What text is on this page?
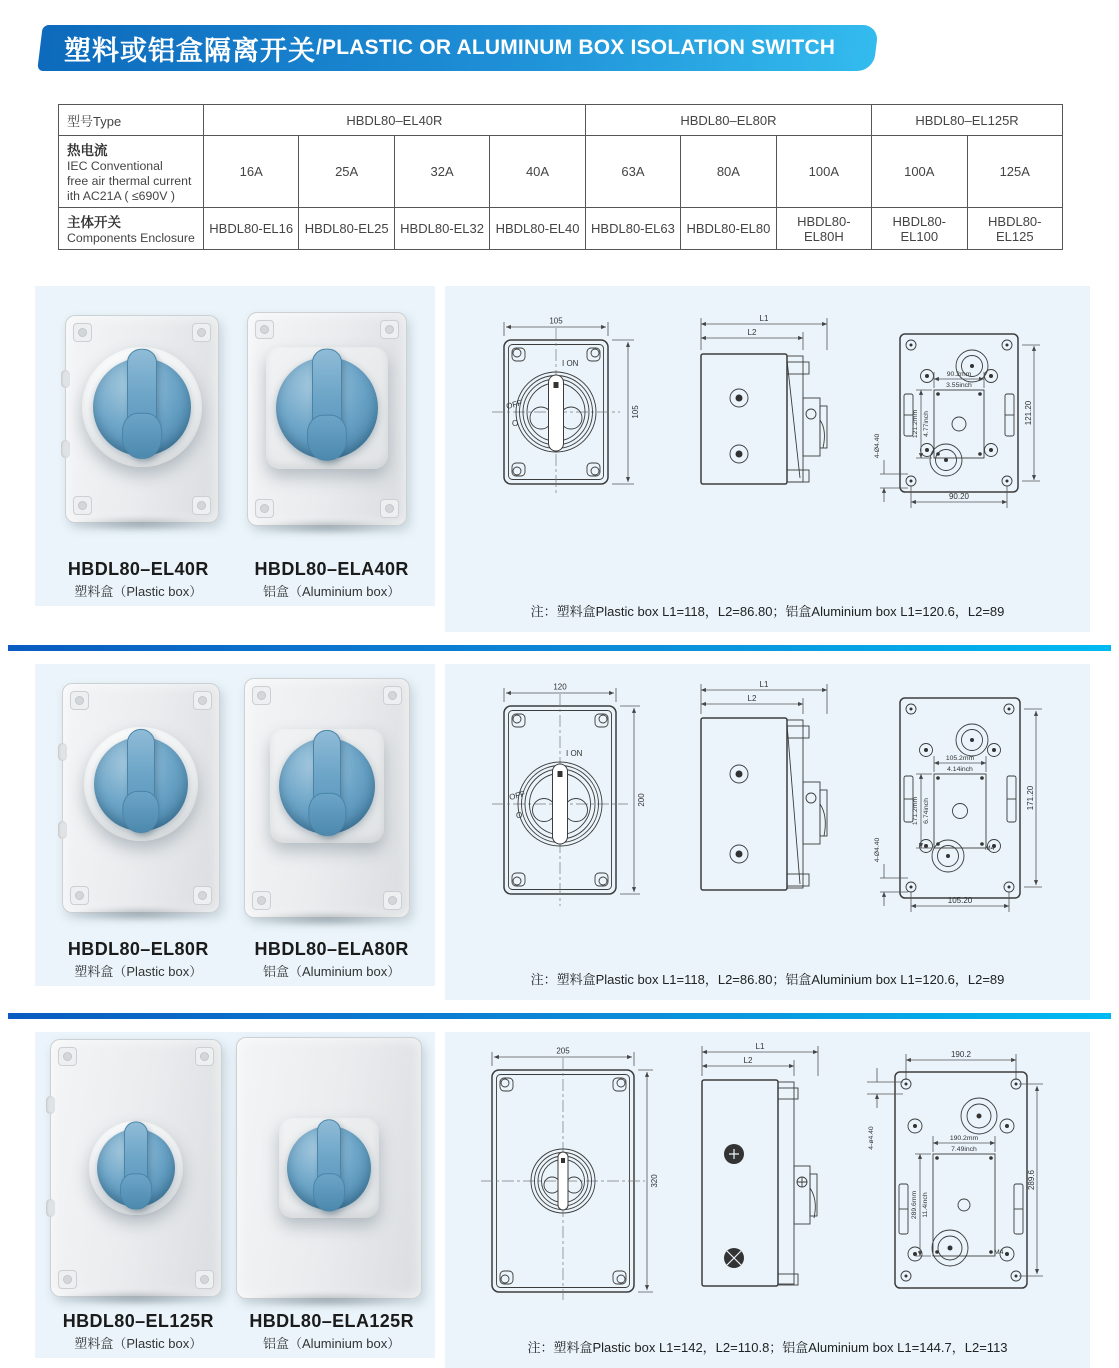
塑料或铝盒隔离开关 /PLASTIC OR ALUMINUM BOX ISOLATION SWITCH
型号Type	HBDL80–EL40R				HBDL80–EL80R			HBDL80–EL125R	

热电流
IEC Conventional
free air thermal current
ith AC21A ( ≤690V )	16A	25A	32A	40A	63A	80A	100A	100A	125A

主体开关
Components Enclosure	HBDL80-EL16	HBDL80-EL25	HBDL80-EL32	HBDL80-EL40	HBDL80-EL63	HBDL80-EL80	HBDL80-EL80H	HBDL80-EL100	HBDL80-EL125
HBDL80–EL40R
塑料盒（Plastic box）
HBDL80–ELA40R
铝盒（Aluminium box）
105
105
I ON
OFF
O
L1
L2
90.2mm
3.55inch
121.2mm 4.77inch	121.20
4-Ø4.40
90.20
注：塑料盒Plastic box L1=118，L2=86.80；铝盒Aluminium box L1=120.6，L2=89
HBDL80–EL80R
塑料盒（Plastic box）
HBDL80–ELA80R
铝盒（Aluminium box）
120
200
I ON
OFF
O
L1
L2
M4
105.2mm
4.14inch
171.2mm 6.74inch
171.20
4-Ø4.40
105.20
注：塑料盒Plastic box L1=118，L2=86.80；铝盒Aluminium box L1=120.6，L2=89
HBDL80–EL125R
塑料盒（Plastic box）
HBDL80–ELA125R
铝盒（Aluminium box）
205
320
L1
L2
190.2
M4
190.2mm
7.49inch
289.6mm 11.4inch
289.6
4-ø4.40
注：塑料盒Plastic box L1=142，L2=110.8；铝盒Aluminium box L1=144.7，L2=113
